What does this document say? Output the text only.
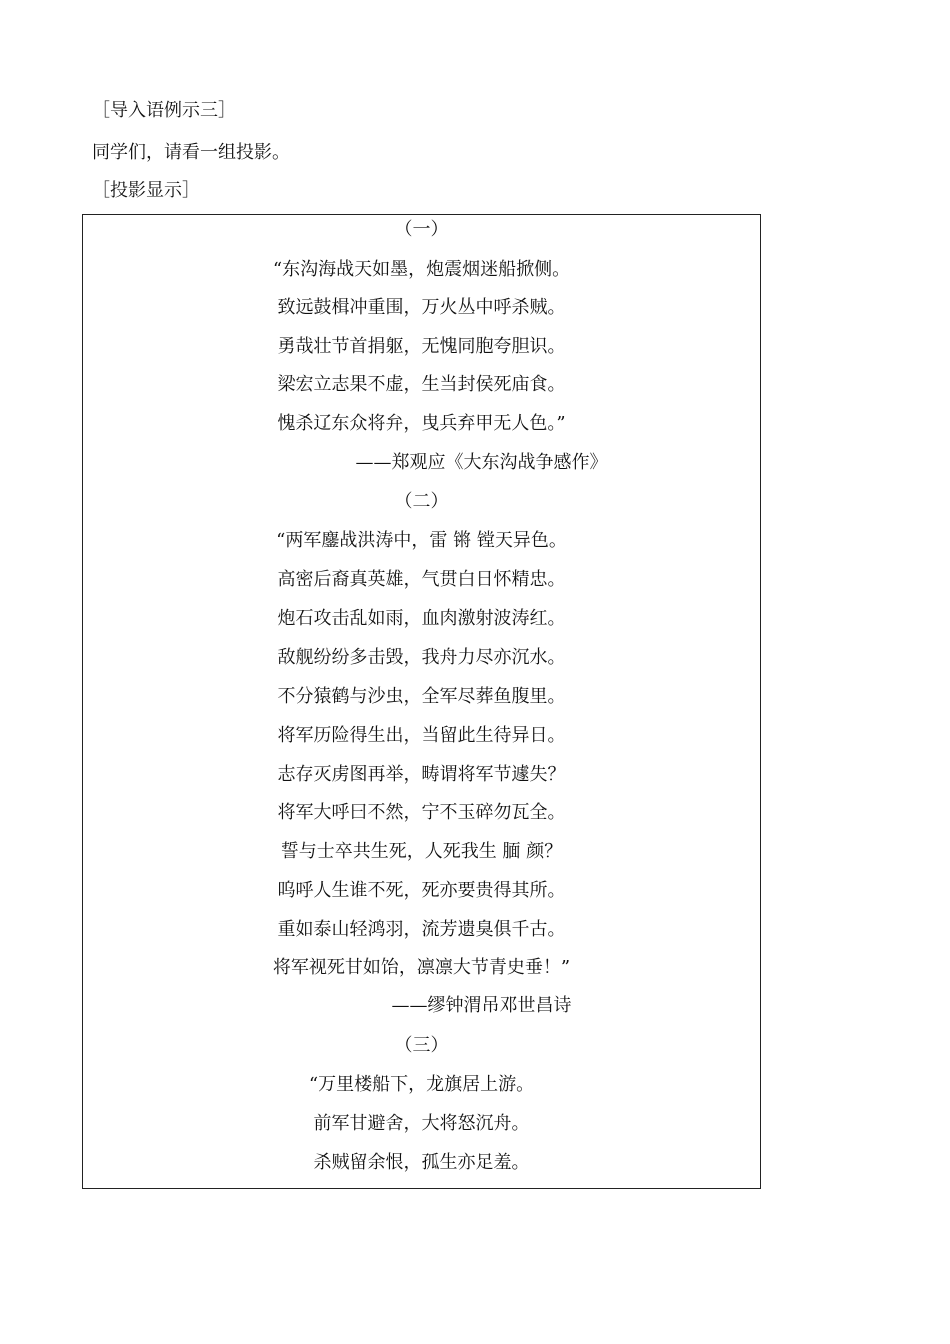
［导入语例示三］
同学们，请看一组投影。
［投影显示］
（一）
“东沟海战天如墨，炮震烟迷船掀侧。
致远鼓楫冲重围，万火丛中呼杀贼。
勇哉壮节首捐躯，无愧同胞夸胆识。
梁宏立志果不虚，生当封侯死庙食。
愧杀辽东众将弁，曳兵弃甲无人色。”
——郑观应《大东沟战争感作》
（二）
“两军鏖战洪涛中，雷 锵 镗天异色。
高密后裔真英雄，气贯白日怀精忠。
炮石攻击乱如雨，血肉激射波涛红。
敌舰纷纷多击毁，我舟力尽亦沉水。
不分猿鹤与沙虫，全军尽葬鱼腹里。
将军历险得生出，当留此生待异日。
志存灭虏图再举，畴谓将军节遽失？
将军大呼曰不然，宁不玉碎勿瓦全。
誓与士卒共生死，人死我生 腼 颜？
呜呼人生谁不死，死亦要贵得其所。
重如泰山轻鸿羽，流芳遗臭俱千古。
将军视死甘如饴，凛凛大节青史垂！”
——缪钟渭吊邓世昌诗
（三）
“万里楼船下，龙旗居上游。
前军甘避舍，大将怒沉舟。
杀贼留余恨，孤生亦足羞。
